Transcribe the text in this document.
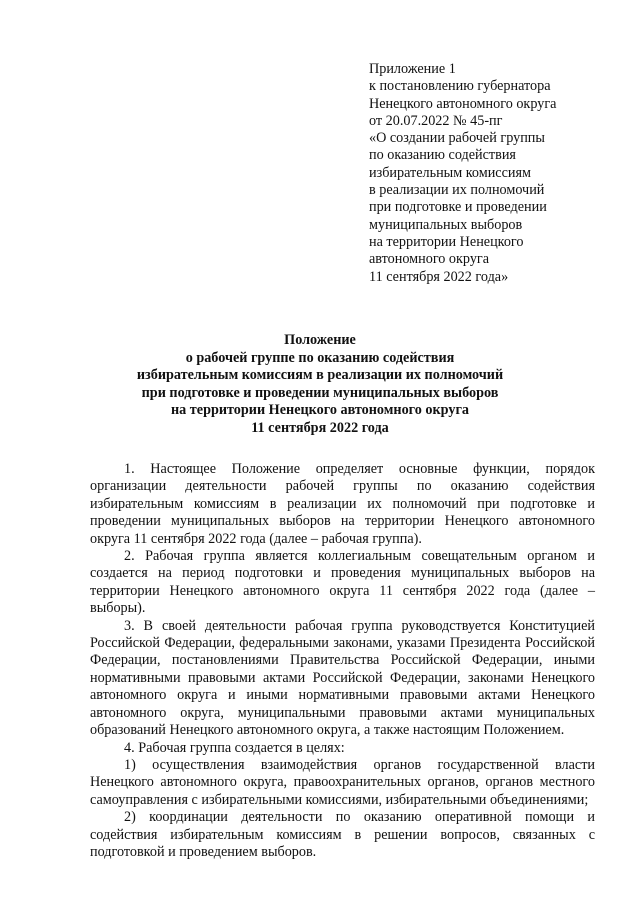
Приложение 1
к постановлению губернатора
Ненецкого автономного округа
от 20.07.2022 № 45-пг
«О создании рабочей группы
по оказанию содействия
избирательным комиссиям
в реализации их полномочий
при подготовке и проведении
муниципальных выборов
на территории Ненецкого
автономного округа
11 сентября 2022 года»
Положение
о рабочей группе по оказанию содействия
избирательным комиссиям в реализации их полномочий
при подготовке и проведении муниципальных выборов
на территории Ненецкого автономного округа
11 сентября 2022 года

1. Настоящее Положение определяет основные функции, порядок организации деятельности рабочей группы по оказанию содействия избирательным комиссиям в реализации их полномочий при подготовке и проведении муниципальных выборов на территории Ненецкого автономного округа 11 сентября 2022 года (далее – рабочая группа).

2. Рабочая группа является коллегиальным совещательным органом и создается на период подготовки и проведения муниципальных выборов на территории Ненецкого автономного округа 11 сентября 2022 года (далее – выборы).

3. В своей деятельности рабочая группа руководствуется Конституцией Российской Федерации, федеральными законами, указами Президента Российской Федерации, постановлениями Правительства Российской Федерации, иными нормативными правовыми актами Российской Федерации, законами Ненецкого автономного округа и иными нормативными правовыми актами Ненецкого автономного округа, муниципальными правовыми актами муниципальных образований Ненецкого автономного округа, а также настоящим Положением.

4. Рабочая группа создается в целях:

1) осуществления взаимодействия органов государственной власти Ненецкого автономного округа, правоохранительных органов, органов местного самоуправления с избирательными комиссиями, избирательными объединениями;

2) координации деятельности по оказанию оперативной помощи и содействия избирательным комиссиям в решении вопросов, связанных с подготовкой и проведением выборов.
